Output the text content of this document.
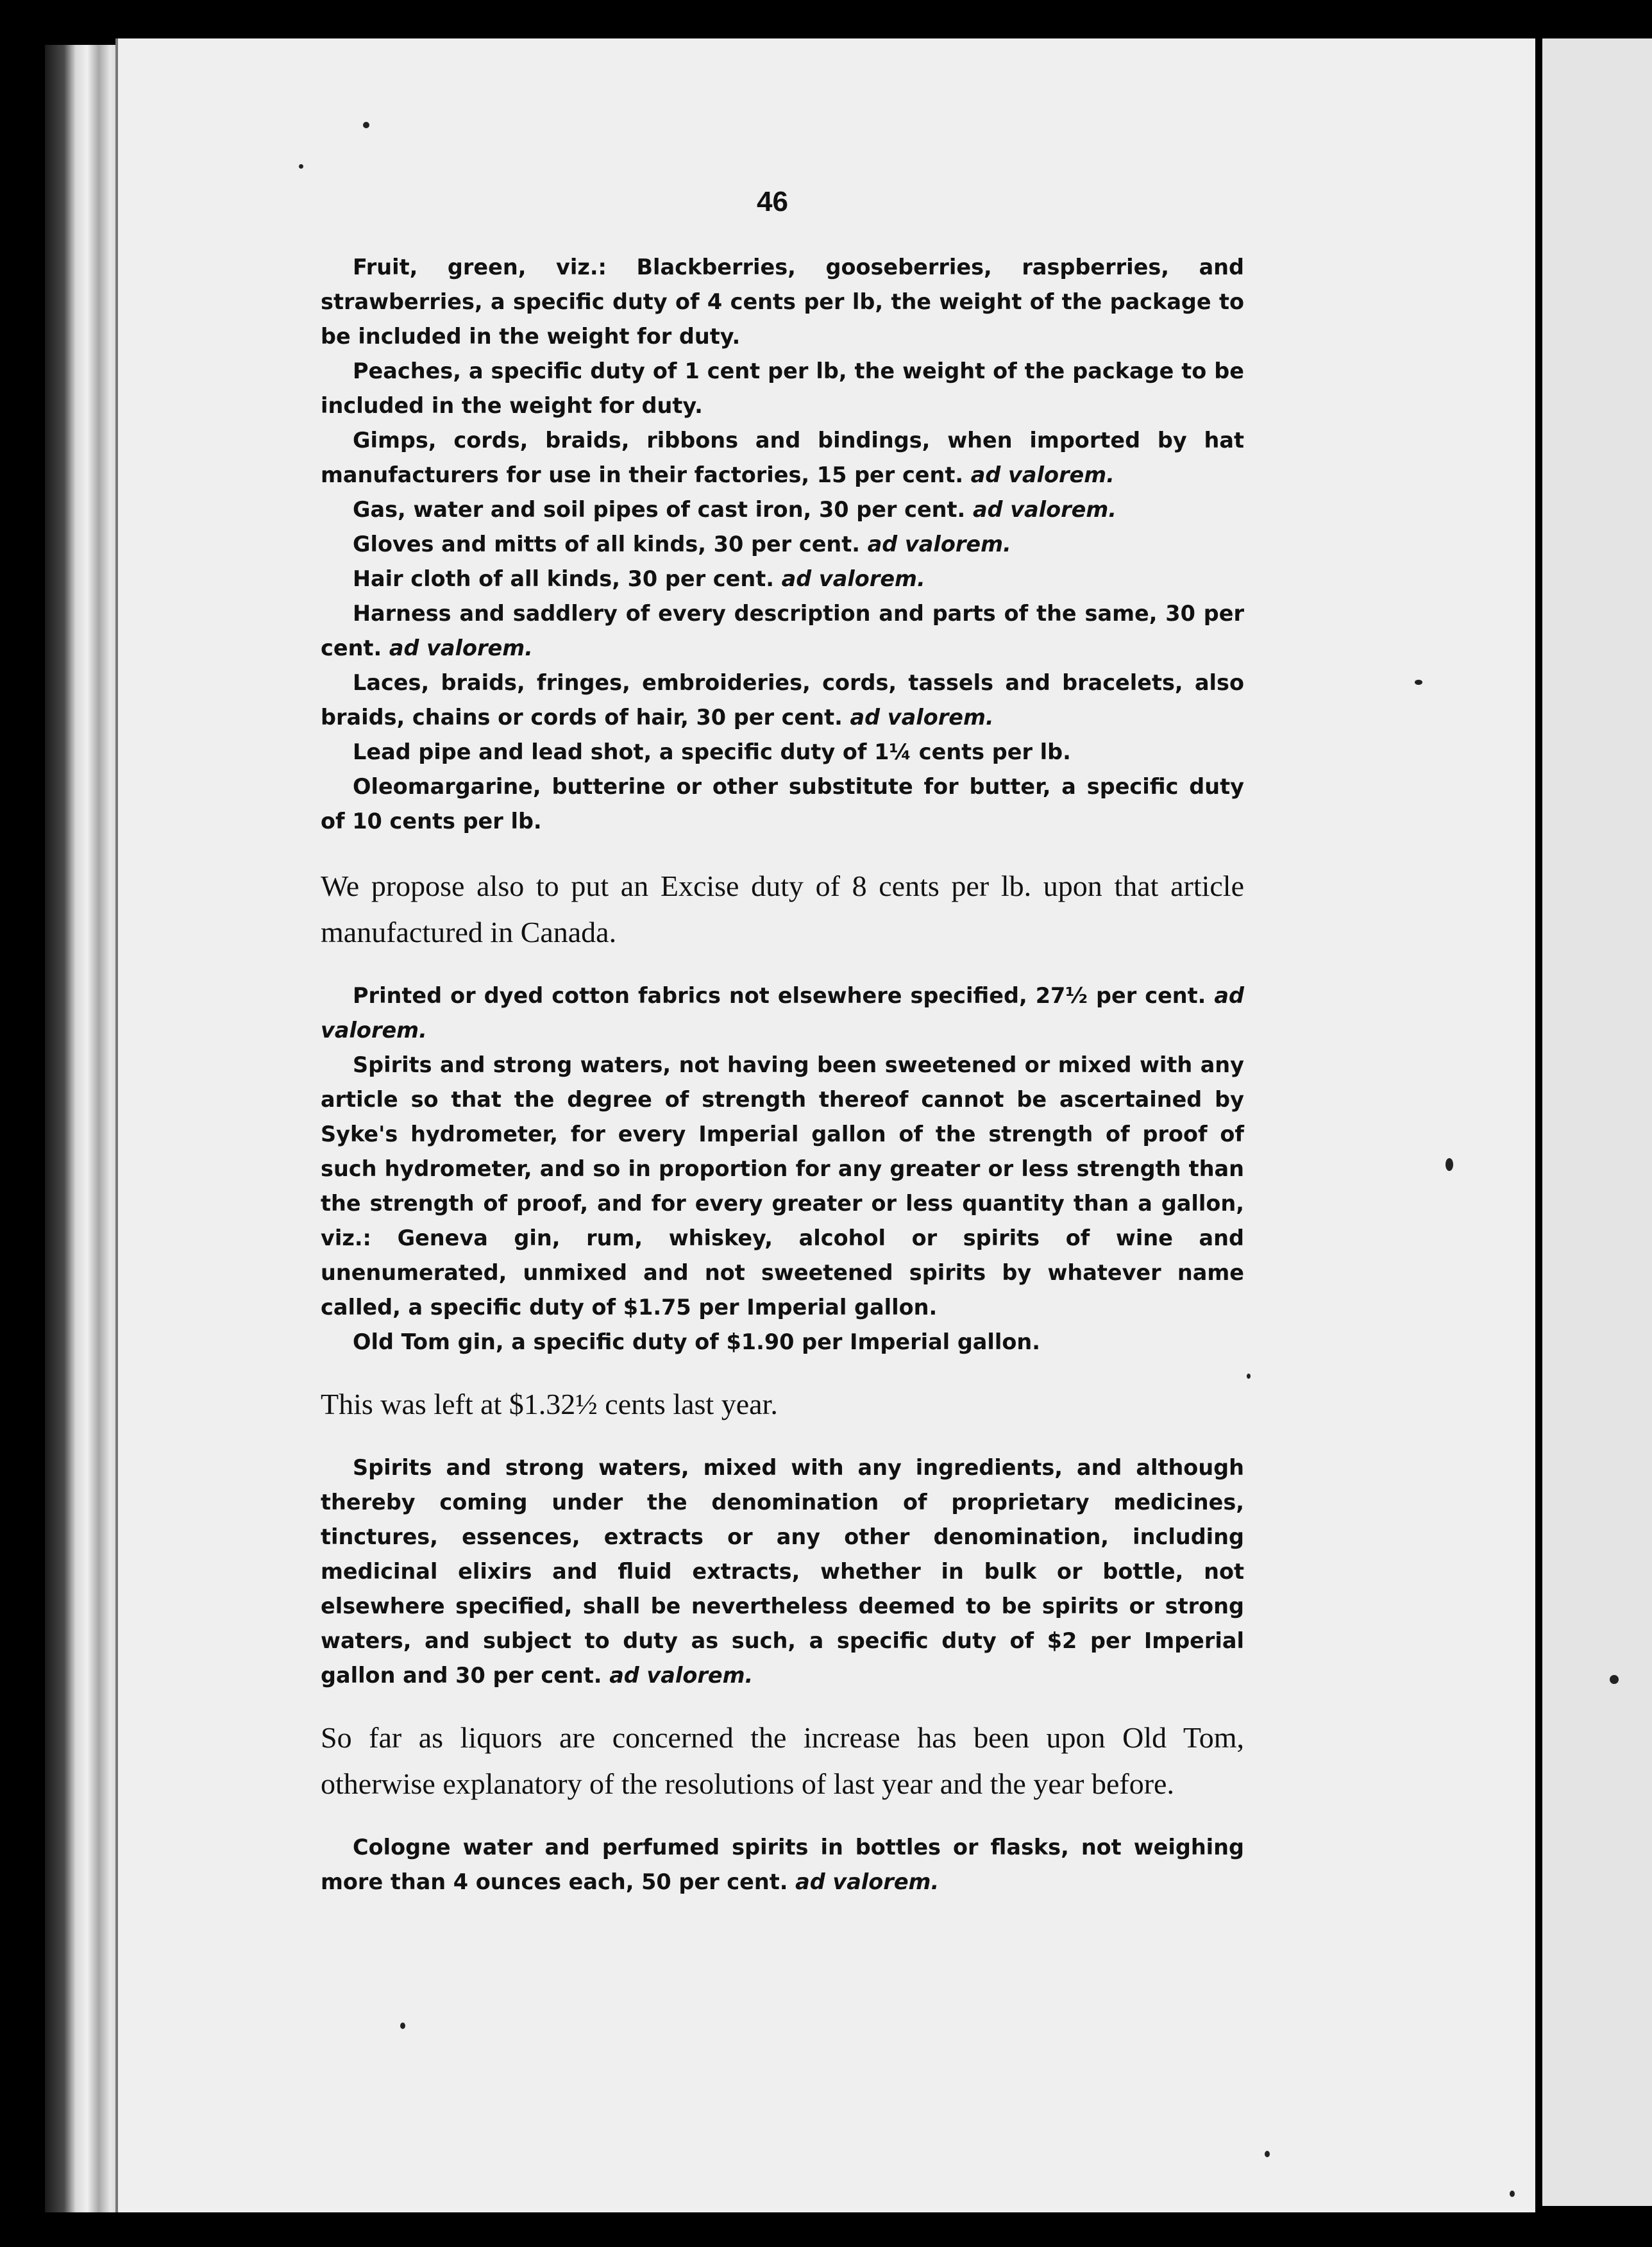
46

Fruit, green, viz.: Blackberries, gooseberries, raspberries, and strawberries, a specific duty of 4 cents per lb, the weight of the package to be included in the weight for duty.

Peaches, a specific duty of 1 cent per lb, the weight of the package to be included in the weight for duty.

Gimps, cords, braids, ribbons and bindings, when imported by hat manufacturers for use in their factories, 15 per cent. ad valorem.

Gas, water and soil pipes of cast iron, 30 per cent. ad valorem.

Gloves and mitts of all kinds, 30 per cent. ad valorem.

Hair cloth of all kinds, 30 per cent. ad valorem.

Harness and saddlery of every description and parts of the same, 30 per cent. ad valorem.

Laces, braids, fringes, embroideries, cords, tassels and bracelets, also braids, chains or cords of hair, 30 per cent. ad valorem.

Lead pipe and lead shot, a specific duty of 1¼ cents per lb.

Oleomargarine, butterine or other substitute for butter, a specific duty of 10 cents per lb.

We propose also to put an Excise duty of 8 cents per lb. upon that article manufactured in Canada.

Printed or dyed cotton fabrics not elsewhere specified, 27½ per cent. ad valorem.

Spirits and strong waters, not having been sweetened or mixed with any article so that the degree of strength thereof cannot be ascertained by Syke's hydrometer, for every Imperial gallon of the strength of proof of such hydrometer, and so in proportion for any greater or less strength than the strength of proof, and for every greater or less quantity than a gallon, viz.: Geneva gin, rum, whiskey, alcohol or spirits of wine and unenumerated, unmixed and not sweetened spirits by whatever name called, a specific duty of $1.75 per Imperial gallon.

Old Tom gin, a specific duty of $1.90 per Imperial gallon.

This was left at $1.32½ cents last year.

Spirits and strong waters, mixed with any ingredients, and although thereby coming under the denomination of proprietary medicines, tinctures, essences, extracts or any other denomination, including medicinal elixirs and fluid extracts, whether in bulk or bottle, not elsewhere specified, shall be nevertheless deemed to be spirits or strong waters, and subject to duty as such, a specific duty of $2 per Imperial gallon and 30 per cent. ad valorem.

So far as liquors are concerned the increase has been upon Old Tom, otherwise explanatory of the resolutions of last year and the year before.

Cologne water and perfumed spirits in bottles or flasks, not weighing more than 4 ounces each, 50 per cent. ad valorem.
